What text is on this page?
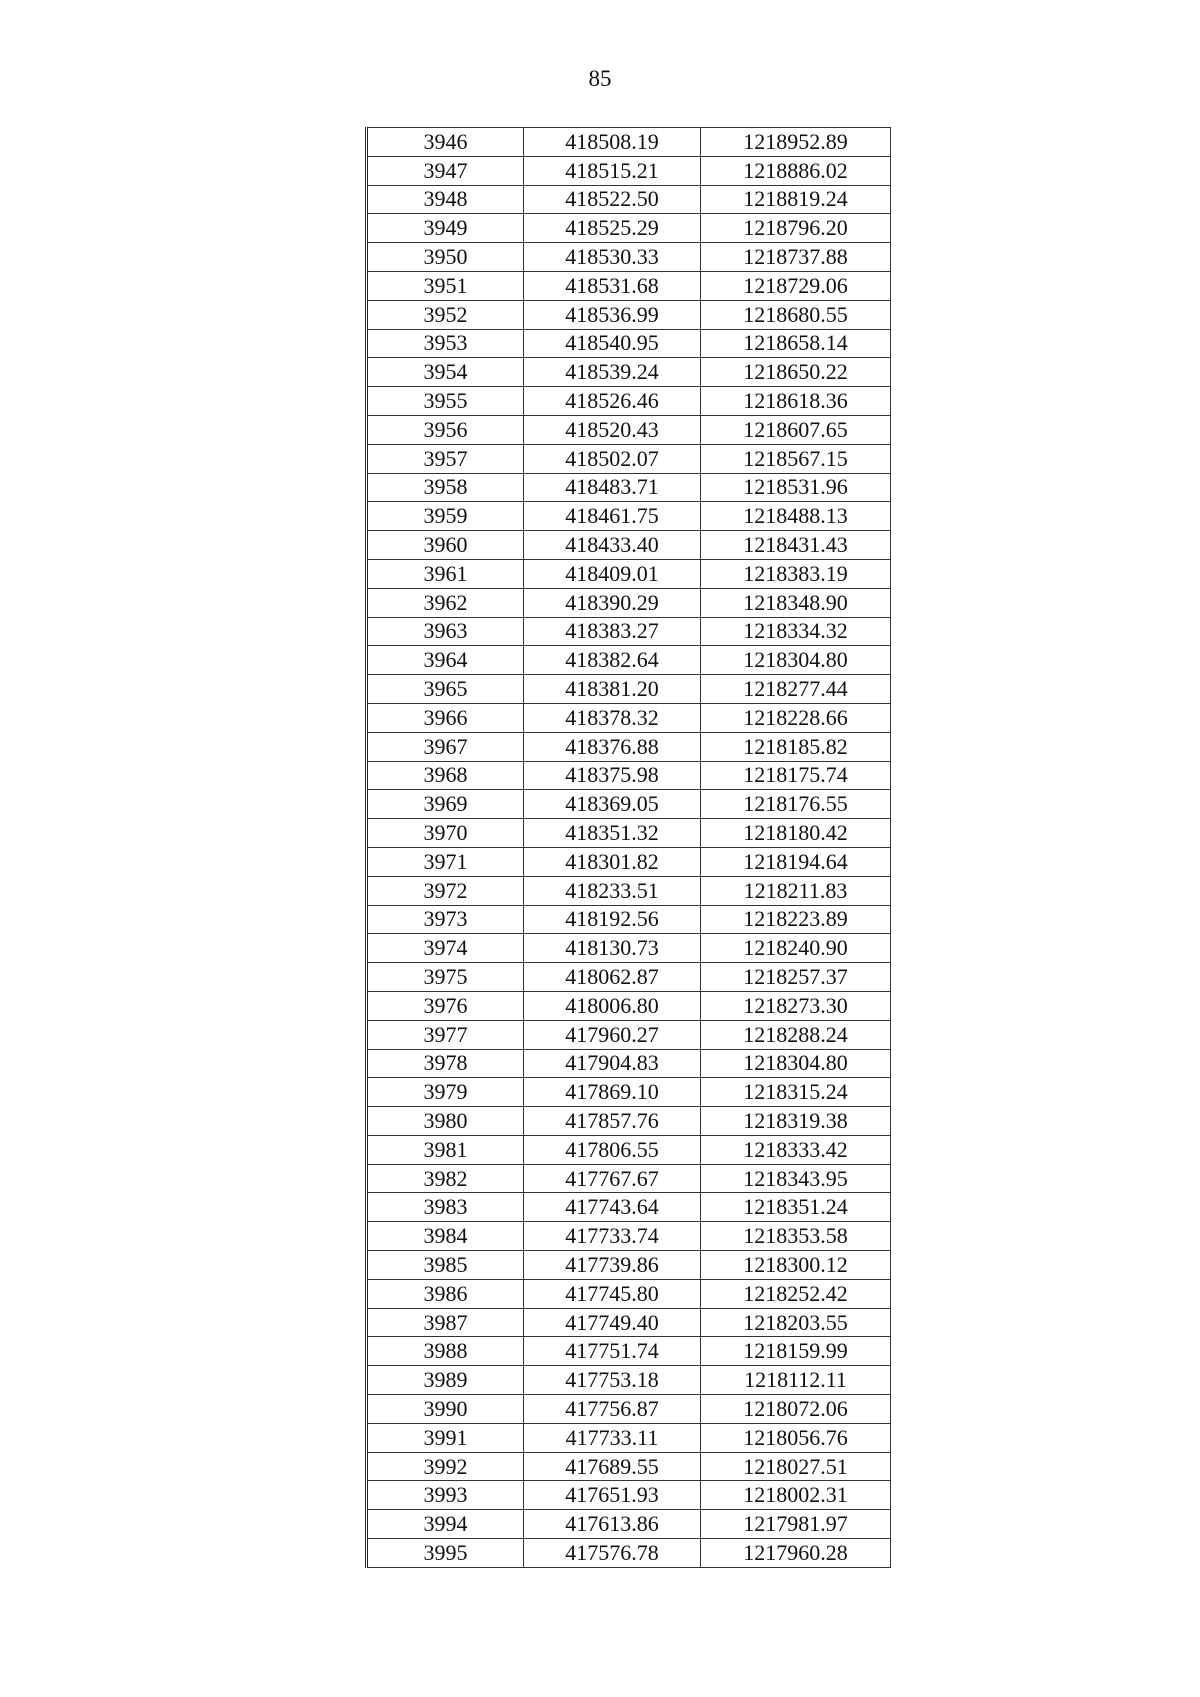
85
3946	418508.19	1218952.89
3947	418515.21	1218886.02
3948	418522.50	1218819.24
3949	418525.29	1218796.20
3950	418530.33	1218737.88
3951	418531.68	1218729.06
3952	418536.99	1218680.55
3953	418540.95	1218658.14
3954	418539.24	1218650.22
3955	418526.46	1218618.36
3956	418520.43	1218607.65
3957	418502.07	1218567.15
3958	418483.71	1218531.96
3959	418461.75	1218488.13
3960	418433.40	1218431.43
3961	418409.01	1218383.19
3962	418390.29	1218348.90
3963	418383.27	1218334.32
3964	418382.64	1218304.80
3965	418381.20	1218277.44
3966	418378.32	1218228.66
3967	418376.88	1218185.82
3968	418375.98	1218175.74
3969	418369.05	1218176.55
3970	418351.32	1218180.42
3971	418301.82	1218194.64
3972	418233.51	1218211.83
3973	418192.56	1218223.89
3974	418130.73	1218240.90
3975	418062.87	1218257.37
3976	418006.80	1218273.30
3977	417960.27	1218288.24
3978	417904.83	1218304.80
3979	417869.10	1218315.24
3980	417857.76	1218319.38
3981	417806.55	1218333.42
3982	417767.67	1218343.95
3983	417743.64	1218351.24
3984	417733.74	1218353.58
3985	417739.86	1218300.12
3986	417745.80	1218252.42
3987	417749.40	1218203.55
3988	417751.74	1218159.99
3989	417753.18	1218112.11
3990	417756.87	1218072.06
3991	417733.11	1218056.76
3992	417689.55	1218027.51
3993	417651.93	1218002.31
3994	417613.86	1217981.97
3995	417576.78	1217960.28
